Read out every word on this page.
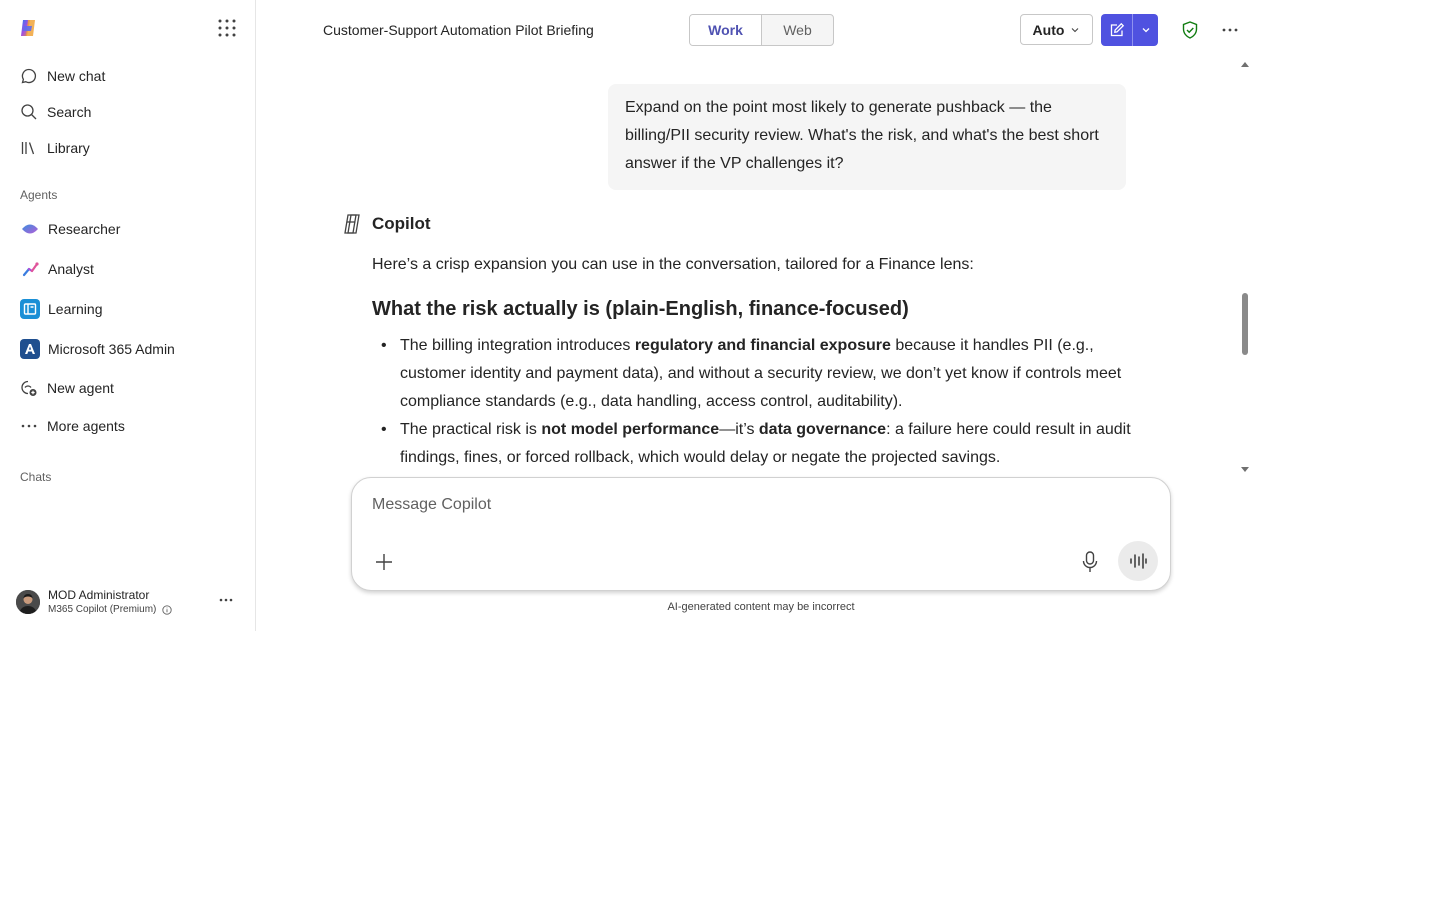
New chat
Search
Library
Agents
Researcher
Analyst
Learning
Microsoft 365 Admin
New agent
More agents
Chats
MOD Administrator
M365 Copilot (Premium)
Customer-Support Automation Pilot Briefing	Work	Web	Auto
Expand on the point most likely to generate pushback — the billing/PII security review. What's the risk, and what's the best short answer if the VP challenges it?
Copilot
Here’s a crisp expansion you can use in the conversation, tailored for a Finance lens:
What the risk actually is (plain-English, finance-focused)
• The billing integration introduces regulatory and financial exposure because it handles PII (e.g., customer identity and payment data), and without a security review, we don’t yet know if controls meet compliance standards (e.g., data handling, access control, auditability).
• The practical risk is not model performance—it’s data governance: a failure here could result in audit findings, fines, or forced rollback, which would delay or negate the projected savings.
Message Copilot
AI-generated content may be incorrect
